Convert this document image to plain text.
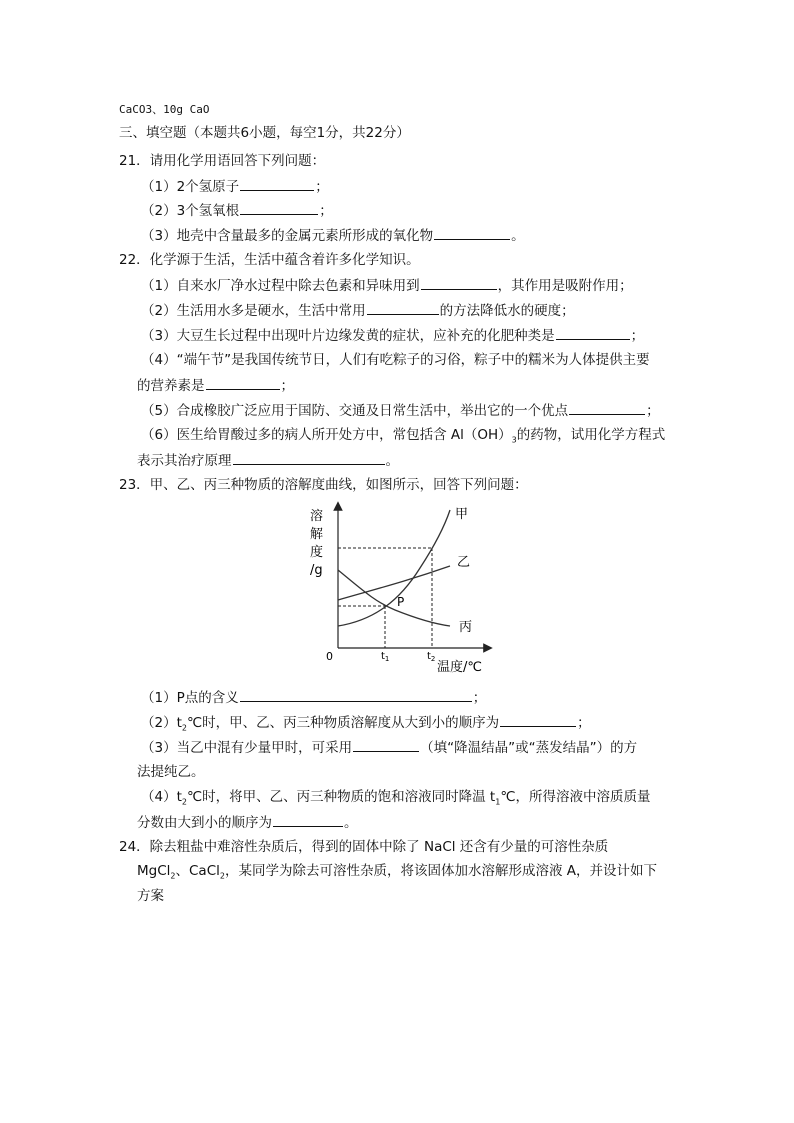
CaCO3、10g CaO
三、填空题（本题共6小题，每空1分，共22分）
21．请用化学用语回答下列问题：
（1）2个氢原子	；
（2）3个氢氧根	；
（3）地壳中含量最多的金属元素所形成的氧化物	。
22．化学源于生活，生活中蕴含着许多化学知识。
（1）自来水厂净水过程中除去色素和异味用到	，其作用是吸附作用；
（2）生活用水多是硬水，生活中常用	的方法降低水的硬度；
（3）大豆生长过程中出现叶片边缘发黄的症状，应补充的化肥种类是	；
（4）“端午节”是我国传统节日，人们有吃粽子的习俗，粽子中的糯米为人体提供主要
的营养素是	；
（5）合成橡胶广泛应用于国防、交通及日常生活中，举出它的一个优点	；
（6）医生给胃酸过多的病人所开处方中，常包括含 $Al(OH)_3$的药物，试用化学方程式
表示其治疗原理	。
23．甲、乙、丙三种物质的溶解度曲线，如图所示，回答下列问题：
溶
解
度
/g
0	$t_1$	$t_2$
温度/℃
甲
乙
丙
P
（1）P点的含义	；
$(2)t_2℃$时，甲、乙、丙三种物质溶解度从大到小的顺序为	；
（3）当乙中混有少量甲时，可采用	（填“降温结晶”或“蒸发结晶”）的方
法提纯乙。
$(4)t_2℃$时，将甲、乙、丙三种物质的饱和溶液同时降温 $t_1℃$，所得溶液中溶质质量
分数由大到小的顺序为	。
24．除去粗盐中难溶性杂质后，得到的固体中除了 NaCl 还含有少量的可溶性杂质
MgCl$_2$、CaCl$_2$，某同学为除去可溶性杂质，将该固体加水溶解形成溶液 A，并设计如下
方案
